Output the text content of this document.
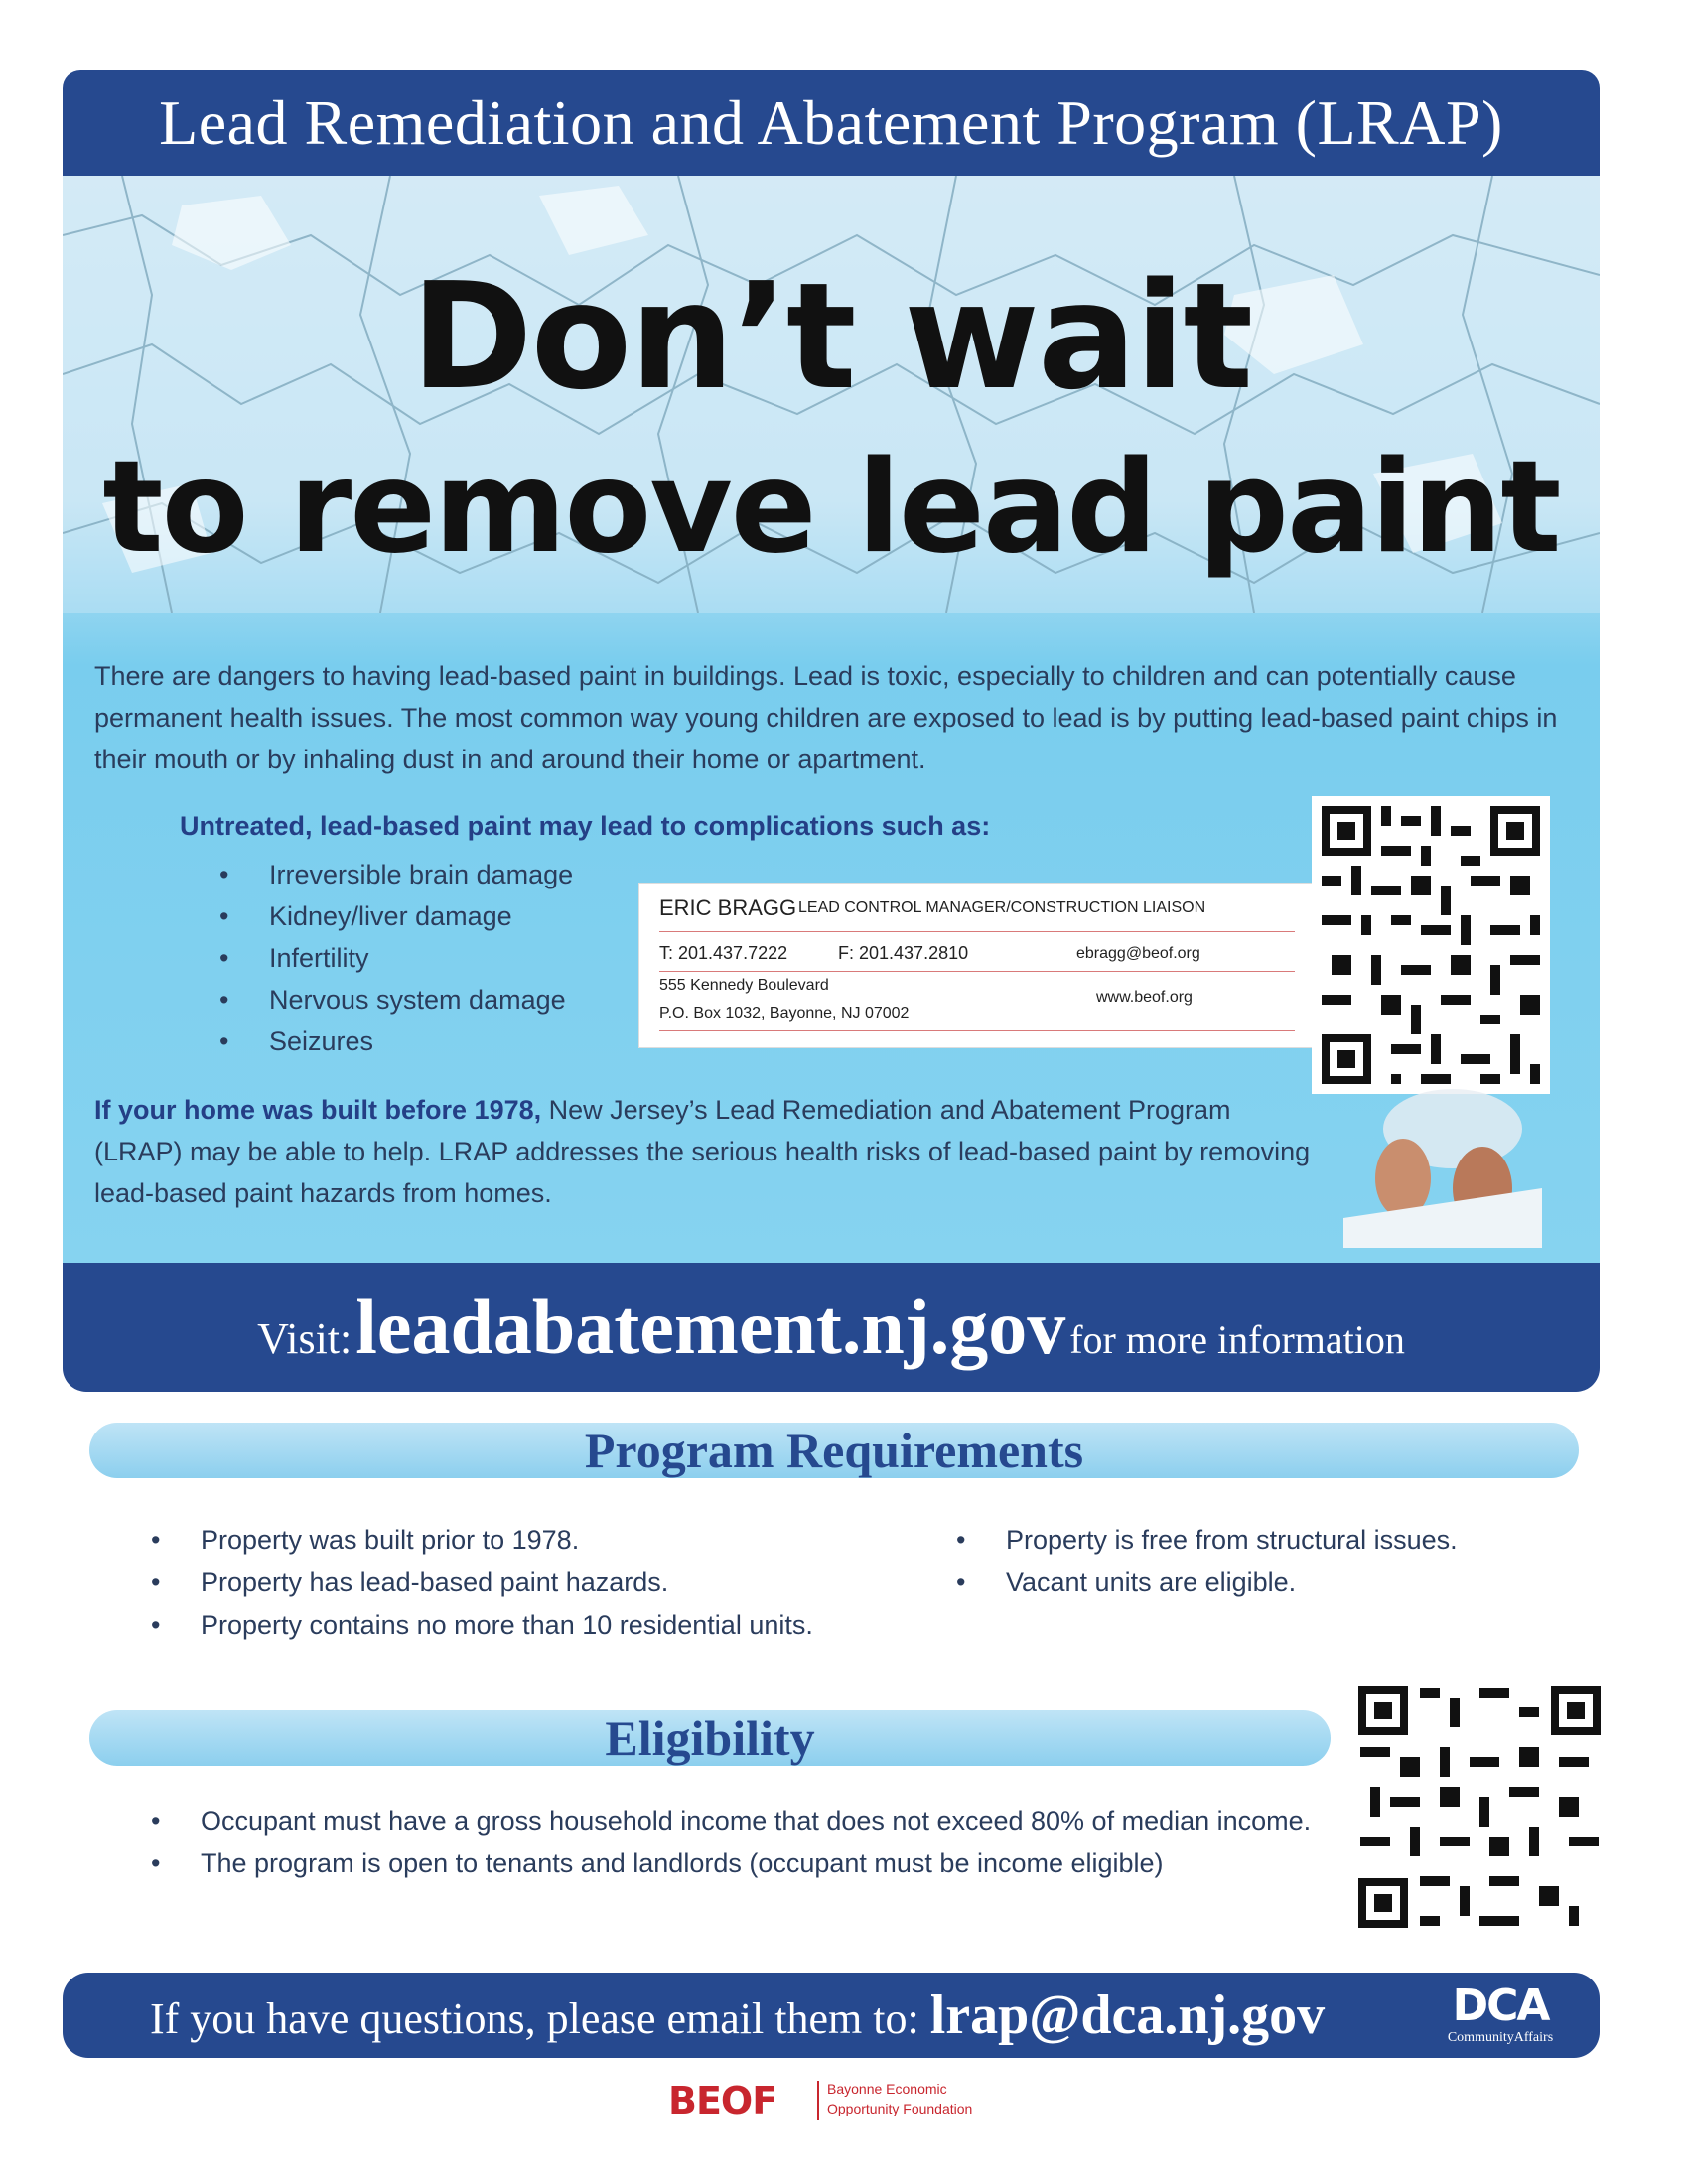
Lead Remediation and Abatement Program (LRAP)
Don’t wait
to remove lead paint
There are dangers to having lead-based paint in buildings. Lead is toxic, especially to children and can potentially cause permanent health issues. The most common way young children are exposed to lead is by putting lead-based paint chips in their mouth or by inhaling dust in and around their home or apartment.
Untreated, lead-based paint may lead to complications such as:
• Irreversible brain damage
• Kidney/liver damage
• Infertility
• Nervous system damage
• Seizures
If your home was built before 1978, New Jersey’s Lead Remediation and Abatement Program (LRAP) may be able to help. LRAP addresses the serious health risks of lead-based paint by removing lead-based paint hazards from homes.
ERIC BRAGG LEAD CONTROL MANAGER/CONSTRUCTION LIAISON
T: 201.437.7222	F: 201.437.2810	ebragg@beof.org
555 Kennedy Boulevard
P.O. Box 1032, Bayonne, NJ 07002
www.beof.org
Visit: leadabatement.nj.gov for more information
Program Requirements
• Property was built prior to 1978.
• Property has lead-based paint hazards.
• Property contains no more than 10 residential units.
• Property is free from structural issues.
• Vacant units are eligible.
Eligibility
• Occupant must have a gross household income that does not exceed 80% of median income.
• The program is open to tenants and landlords (occupant must be income eligible)
If you have questions, please email them to: lrap@dca.nj.gov	DCA
CommunityAffairs
BEOF	Bayonne Economic
Opportunity Foundation
